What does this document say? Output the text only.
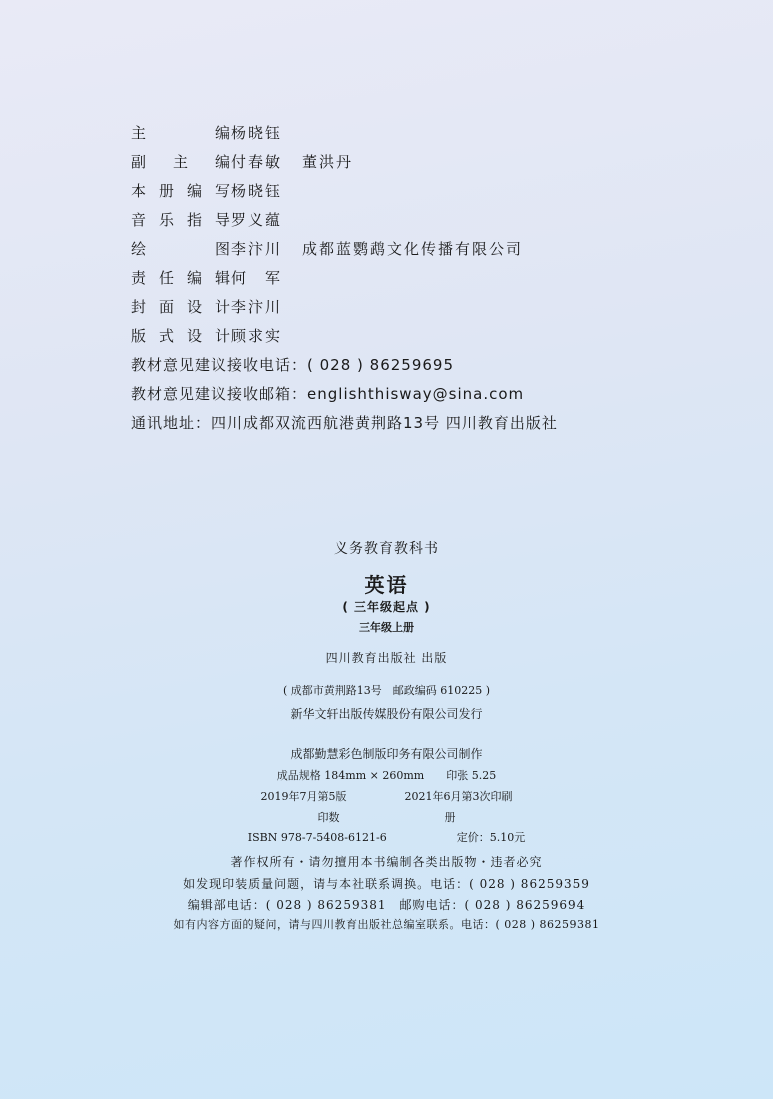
主　　编 杨晓钰
副 主 编 付春敏 董洪丹
本册编写 杨晓钰
音乐指导 罗义蕴
绘　　图 李汴川 成都蓝鹦鹉文化传播有限公司
责任编辑 何　军
封面设计 李汴川
版式设计 顾求实
教材意见建议接收电话： ( 028 ) 86259695
教材意见建议接收邮箱： englishthisway@sina.com
通讯地址： 四川成都双流西航港黄荆路13号 四川教育出版社
义务教育教科书
英语
( 三年级起点 )
三年级上册
四川教育出版社 出版
( 成都市黄荆路13号　邮政编码 610225 )
新华文轩出版传媒股份有限公司发行
成都勤慧彩色制版印务有限公司制作
成品规格 184mm × 260mm 印张 5.25
2019年7月第5版	2021年6月第3次印刷
印数	册
ISBN 978-7-5408-6121-6	定价：5.10元
著作权所有・请勿擅用本书编制各类出版物・违者必究
如发现印装质量问题，请与本社联系调换。电话：( 028 ) 86259359
编辑部电话：( 028 ) 86259381　邮购电话：( 028 ) 86259694
如有内容方面的疑问，请与四川教育出版社总编室联系。电话：( 028 ) 86259381
